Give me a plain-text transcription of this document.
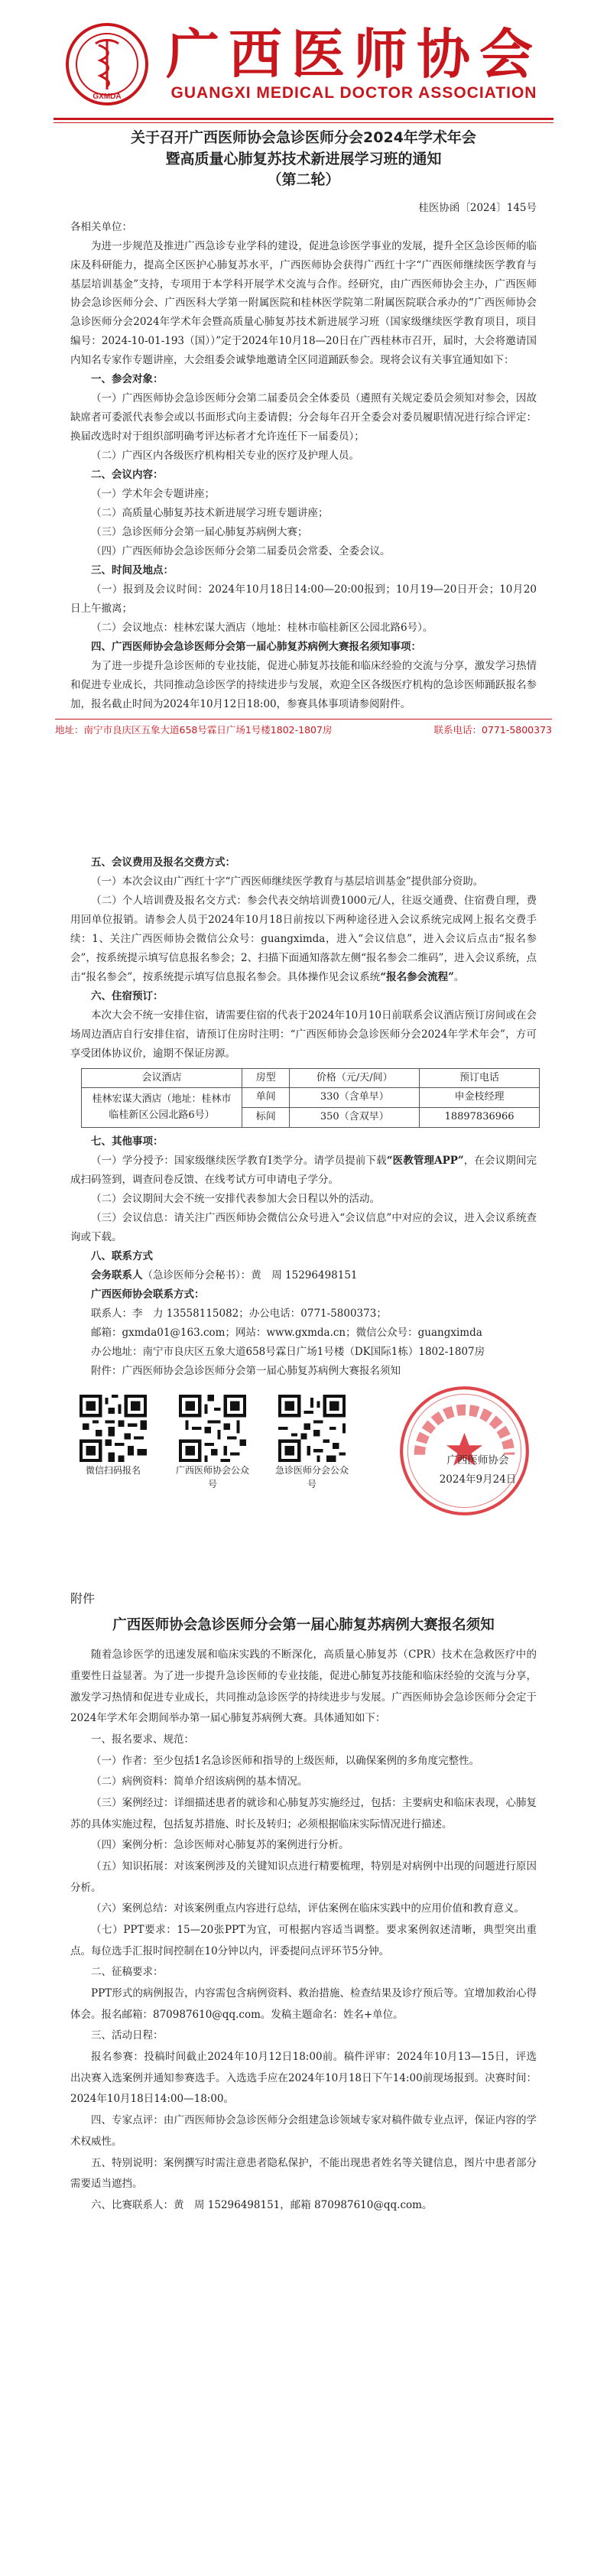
GXMDA
广西医师协会
GUANGXI MEDICAL DOCTOR ASSOCIATION
关于召开广西医师协会急诊医师分会2024年学术年会
暨高质量心肺复苏技术新进展学习班的通知
（第二轮）
桂医协函〔2024〕145号
各相关单位：
为进一步规范及推进广西急诊专业学科的建设，促进急诊医学事业的发展，提升全区急诊医师的临床及科研能力，提高全区医护心肺复苏水平，广西医师协会获得广西红十字“广西医师继续医学教育与基层培训基金”支持，专项用于本学科开展学术交流与合作。经研究，由广西医师协会主办，广西医师协会急诊医师分会、广西医科大学第一附属医院和桂林医学院第二附属医院联合承办的“广西医师协会急诊医师分会2024年学术年会暨高质量心肺复苏技术新进展学习班（国家级继续医学教育项目，项目编号：2024-10-01-193（国））”定于2024年10月18—20日在广西桂林市召开，届时，大会将邀请国内知名专家作专题讲座，大会组委会诚挚地邀请全区同道踊跃参会。现将会议有关事宜通知如下：
一、参会对象：
（一）广西医师协会急诊医师分会第二届委员会全体委员（遴照有关规定委员会须知对参会，因故缺席者可委派代表参会或以书面形式向主委请假；分会每年召开全委会对委员履职情况进行综合评定：换届改选时对于组织部明确考评达标者才允许连任下一届委员）；
（二）广西区内各级医疗机构相关专业的医疗及护理人员。
二、会议内容：
（一）学术年会专题讲座；
（二）高质量心肺复苏技术新进展学习班专题讲座；
（三）急诊医师分会第一届心肺复苏病例大赛；
（四）广西医师协会急诊医师分会第二届委员会常委、全委会议。
三、时间及地点：
（一）报到及会议时间：2024年10月18日14:00—20:00报到；10月19—20日开会；10月20日上午撤离；
（二）会议地点：桂林宏谋大酒店（地址：桂林市临桂新区公园北路6号）。
四、广西医师协会急诊医师分会第一届心肺复苏病例大赛报名须知事项：
为了进一步提升急诊医师的专业技能，促进心肺复苏技能和临床经验的交流与分享，激发学习热情和促进专业成长，共同推动急诊医学的持续进步与发展，欢迎全区各级医疗机构的急诊医师踊跃报名参加，报名截止时间为2024年10月12日18:00，参赛具体事项请参阅附件。
地址：南宁市良庆区五象大道658号霖日广场1号楼1802-1807房	联系电话：0771-5800373
五、会议费用及报名交费方式：
（一）本次会议由广西红十字“广西医师继续医学教育与基层培训基金”提供部分资助。
（二）个人培训费及报名交方式：参会代表交纳培训费1000元/人，往返交通费、住宿费自理，费用回单位报销。请参会人员于2024年10月18日前按以下两种途径进入会议系统完成网上报名交费手续：1、关注广西医师协会微信公众号：guangximda，进入“会议信息”，进入会议后点击“报名参会”，按系统提示填写信息报名参会；2、扫描下面通知落款左侧“报名参会二维码”，进入会议系统，点击“报名参会”，按系统提示填写信息报名参会。具体操作见会议系统“报名参会流程”。
六、住宿预订：
本次大会不统一安排住宿，请需要住宿的代表于2024年10月10日前联系会议酒店预订房间或在会场周边酒店自行安排住宿，请预订住房时注明：“广西医师协会急诊医师分会2024年学术年会”，方可享受团体协议价，逾期不保证房源。
会议酒店	房型	价格（元/天/间）	预订电话
桂林宏谋大酒店（地址：桂林市临桂新区公园北路6号）	单间	330（含单早）	申金枝经理
	标间	350（含双早）	18897836966
七、其他事项：
（一）学分授予：国家级继续医学教育I类学分。请学员提前下载“医教管理APP”，在会议期间完成扫码签到，调查问卷反馈、在线考试方可申请电子学分。
（二）会议期间大会不统一安排代表参加大会日程以外的活动。
（三）会议信息：请关注广西医师协会微信公众号进入“会议信息”中对应的会议，进入会议系统查询或下载。
八、联系方式
会务联系人（急诊医师分会秘书）：黄　周 15296498151
广西医师协会联系方式：
联系人：李　力 13558115082；办公电话：0771-5800373；
邮箱：gxmda01@163.com；网站：www.gxmda.cn；微信公众号：guangximda
办公地址：南宁市良庆区五象大道658号霖日广场1号楼（DK国际1栋）1802-1807房
附件：广西医师协会急诊医师分会第一届心肺复苏病例大赛报名须知
微信扫码报名	广西医师协会公众号
急诊医师分会公众号
广西医师协会
2024年9月24日
附件
广西医师协会急诊医师分会第一届心肺复苏病例大赛报名须知
随着急诊医学的迅速发展和临床实践的不断深化，高质量心肺复苏（CPR）技术在急救医疗中的重要性日益显著。为了进一步提升急诊医师的专业技能，促进心肺复苏技能和临床经验的交流与分享，激发学习热情和促进专业成长，共同推动急诊医学的持续进步与发展。广西医师协会急诊医师分会定于2024年学术年会期间举办第一届心肺复苏病例大赛。具体通知如下：
一、报名要求、规范：
（一）作者：至少包括1名急诊医师和指导的上级医师，以确保案例的多角度完整性。
（二）病例资料：简单介绍该病例的基本情况。
（三）案例经过：详细描述患者的就诊和心肺复苏实施经过，包括：主要病史和临床表现，心肺复苏的具体实施过程，包括复苏措施、时长及转归；必须根据临床实际情况进行描述。
（四）案例分析：急诊医师对心肺复苏的案例进行分析。
（五）知识拓展：对该案例涉及的关键知识点进行精要梳理，特别是对病例中出现的问题进行原因分析。
（六）案例总结：对该案例重点内容进行总结，评估案例在临床实践中的应用价值和教育意义。
（七）PPT要求：15—20张PPT为宜，可根据内容适当调整。要求案例叙述清晰，典型突出重点。每位选手汇报时间控制在10分钟以内，评委提问点评环节5分钟。
二、征稿要求：
PPT形式的病例报告，内容需包含病例资料、救治措施、检查结果及诊疗预后等。宜增加救治心得体会。报名邮箱：870987610@qq.com。发稿主题命名：姓名+单位。
三、活动日程：
报名参赛：投稿时间截止2024年10月12日18:00前。稿件评审：2024年10月13—15日，评选出决赛入选案例并通知参赛选手。入选选手应在2024年10月18日下午14:00前现场报到。决赛时间：2024年10月18日14:00—18:00。
四、专家点评：由广西医师协会急诊医师分会组建急诊领域专家对稿件做专业点评，保证内容的学术权威性。
五、特别说明：案例撰写时需注意患者隐私保护，不能出现患者姓名等关键信息，图片中患者部分需要适当遮挡。
六、比赛联系人：黄　周 15296498151，邮箱 870987610@qq.com。
